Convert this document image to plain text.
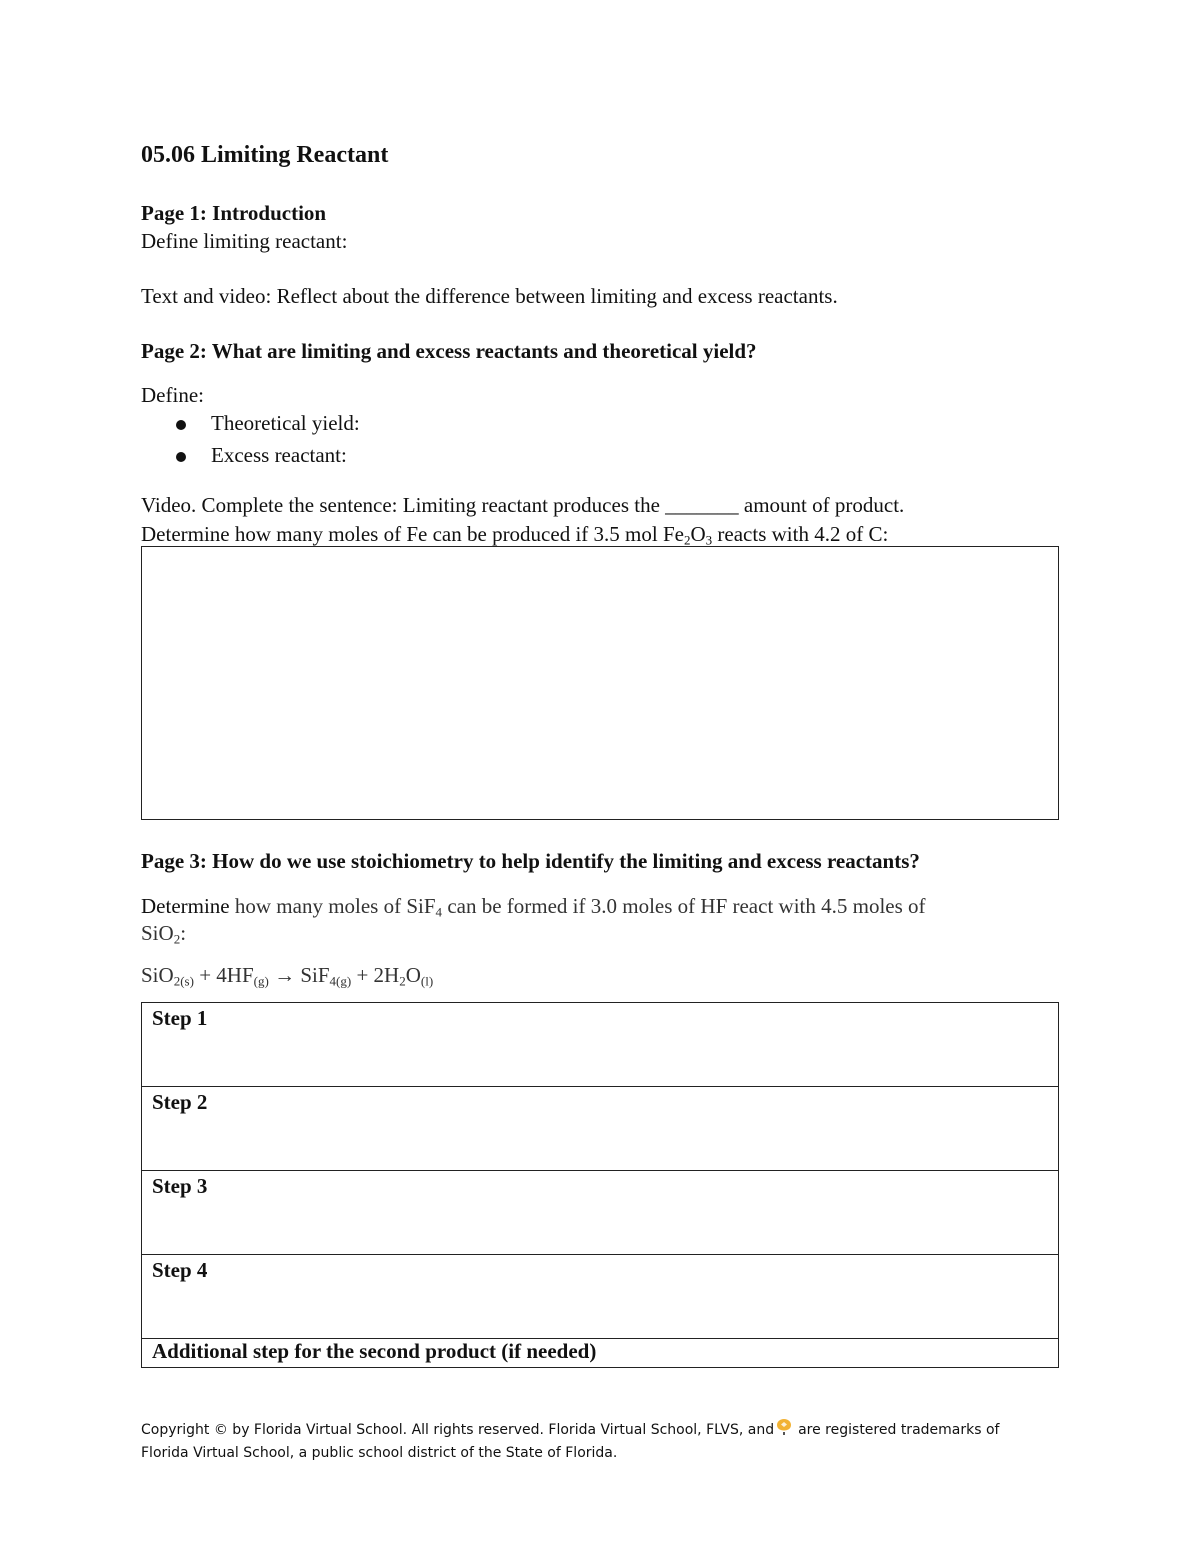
05.06 Limiting Reactant
Page 1: Introduction
Define limiting reactant:
Text and video: Reflect about the difference between limiting and excess reactants.
Page 2: What are limiting and excess reactants and theoretical yield?
Define:
Theoretical yield:
Excess reactant:
Video. Complete the sentence: Limiting reactant produces the _______ amount of product.
Determine how many moles of Fe can be produced if 3.5 mol $Fe_2O_3$ reacts with 4.2 of C:
Page 3: How do we use stoichiometry to help identify the limiting and excess reactants?
Determine how many moles of SiF$_4$ can be formed if 3.0 moles of HF react with 4.5 moles of
SiO$_2$:
$SiO_{2(s)} + 4HF_{(g)} \to SiF_{4(g)} + 2H_2O_{(l)}$
Step 1
Step 2
Step 3
Step 4
Additional step for the second product (if needed)
Copyright © by Florida Virtual School. All rights reserved. Florida Virtual School, FLVS, and are registered trademarks of
Florida Virtual School, a public school district of the State of Florida.
